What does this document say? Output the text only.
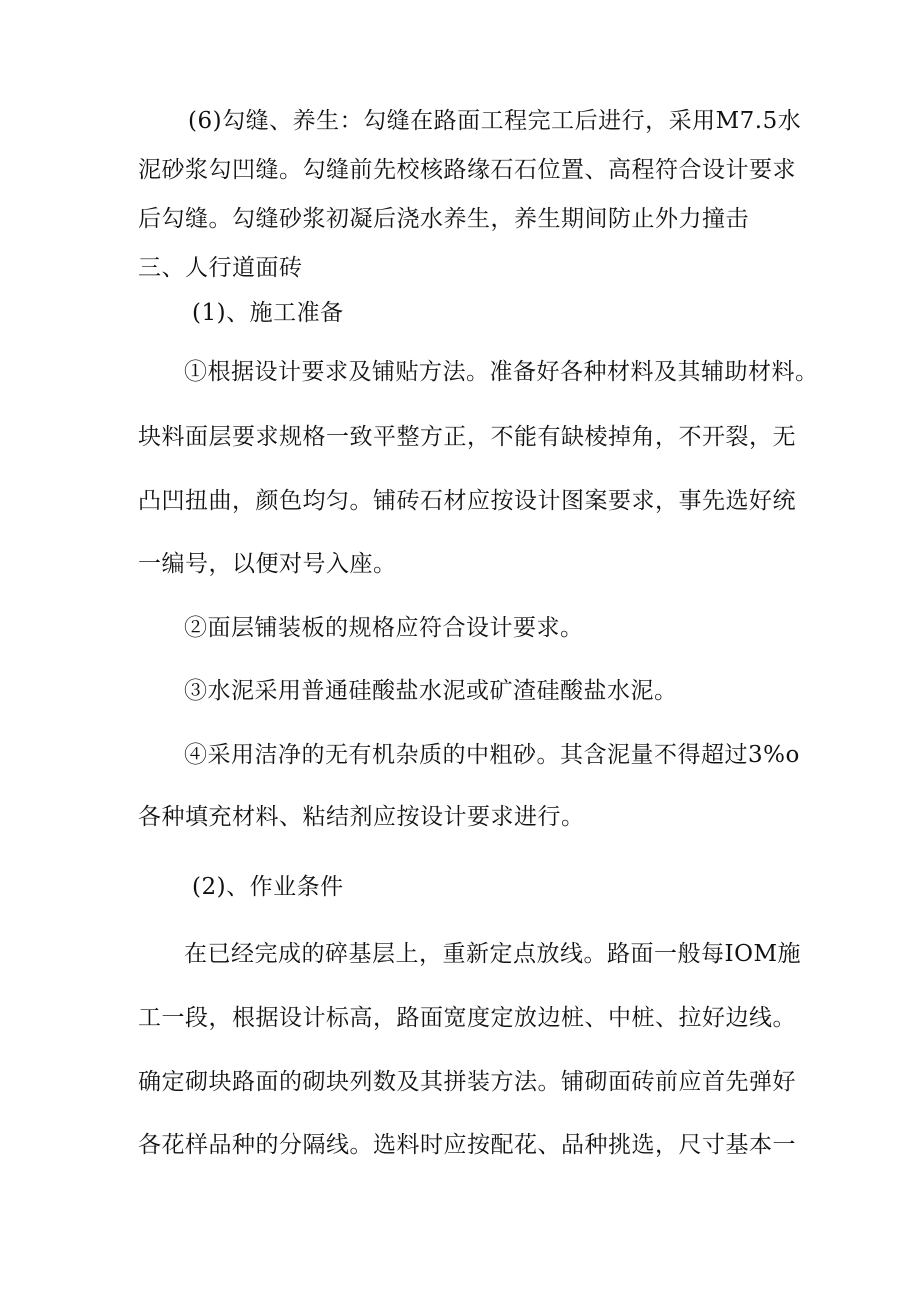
(6)勾缝、养生：勾缝在路面工程完工后进行，采用M7.5水
泥砂浆勾凹缝。勾缝前先校核路缘石石位置、高程符合设计要求
后勾缝。勾缝砂浆初凝后浇水养生，养生期间防止外力撞击
三、人行道面砖
(1)、施工准备
①根据设计要求及铺贴方法。准备好各种材料及其辅助材料。
块料面层要求规格一致平整方正，不能有缺棱掉角，不开裂，无
凸凹扭曲，颜色均匀。铺砖石材应按设计图案要求，事先选好统
一编号，以便对号入座。
②面层铺装板的规格应符合设计要求。
③水泥采用普通硅酸盐水泥或矿渣硅酸盐水泥。
④采用洁净的无有机杂质的中粗砂。其含泥量不得超过3%o
各种填充材料、粘结剂应按设计要求进行。
(2)、作业条件
在已经完成的碎基层上，重新定点放线。路面一般每IOM施
工一段，根据设计标高，路面宽度定放边桩、中桩、拉好边线。
确定砌块路面的砌块列数及其拼装方法。铺砌面砖前应首先弹好
各花样品种的分隔线。选料时应按配花、品种挑选，尺寸基本一
